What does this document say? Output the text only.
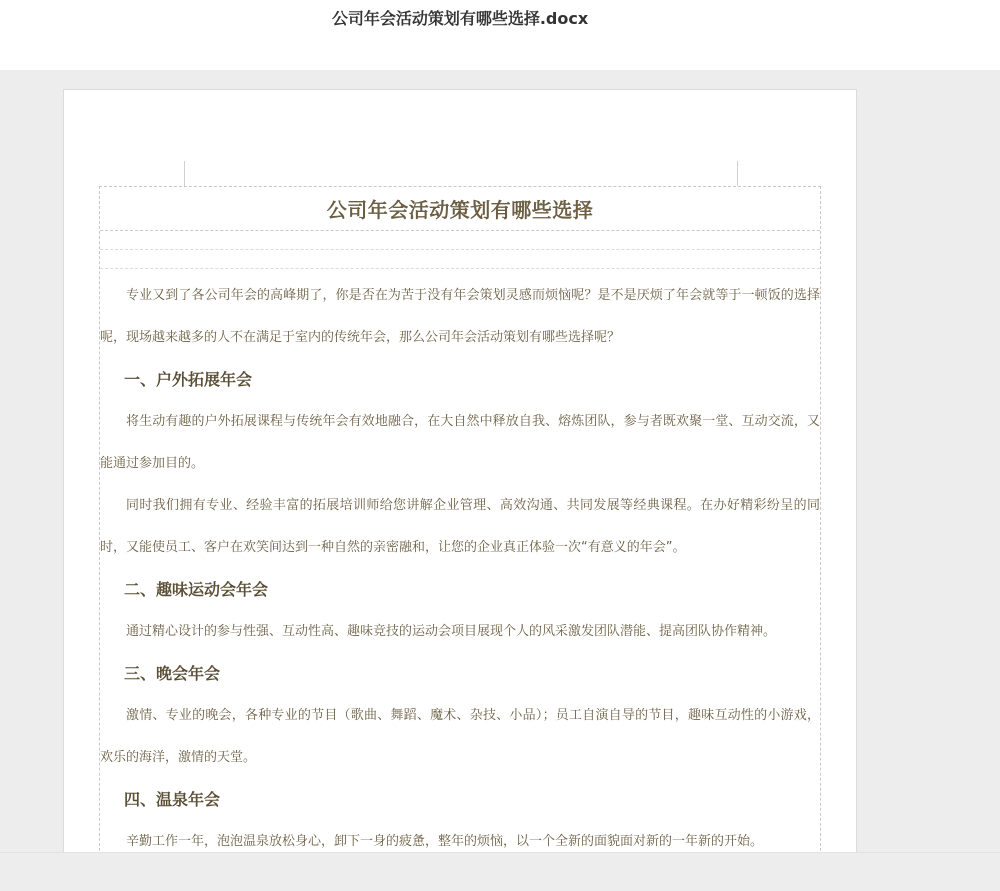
公司年会活动策划有哪些选择.docx
公司年会活动策划有哪些选择

专业又到了各公司年会的高峰期了，你是否在为苦于没有年会策划灵感而烦恼呢？是不是厌烦了年会就等于一顿饭的选择呢，现场越来越多的人不在满足于室内的传统年会，那么公司年会活动策划有哪些选择呢？

一、户外拓展年会

将生动有趣的户外拓展课程与传统年会有效地融合，在大自然中释放自我、熔炼团队，参与者既欢聚一堂、互动交流，又能通过参加目的。

同时我们拥有专业、经验丰富的拓展培训师给您讲解企业管理、高效沟通、共同发展等经典课程。在办好精彩纷呈的同时，又能使员工、客户在欢笑间达到一种自然的亲密融和，让您的企业真正体验一次“有意义的年会”。

二、趣味运动会年会

通过精心设计的参与性强、互动性高、趣味竞技的运动会项目展现个人的风采激发团队潜能、提高团队协作精神。

三、晚会年会

激情、专业的晚会，各种专业的节目（歌曲、舞蹈、魔术、杂技、小品）；员工自演自导的节目，趣味互动性的小游戏，欢乐的海洋，激情的天堂。

四、温泉年会

辛勤工作一年，泡泡温泉放松身心，卸下一身的疲惫，整年的烦恼，以一个全新的面貌面对新的一年新的开始。
